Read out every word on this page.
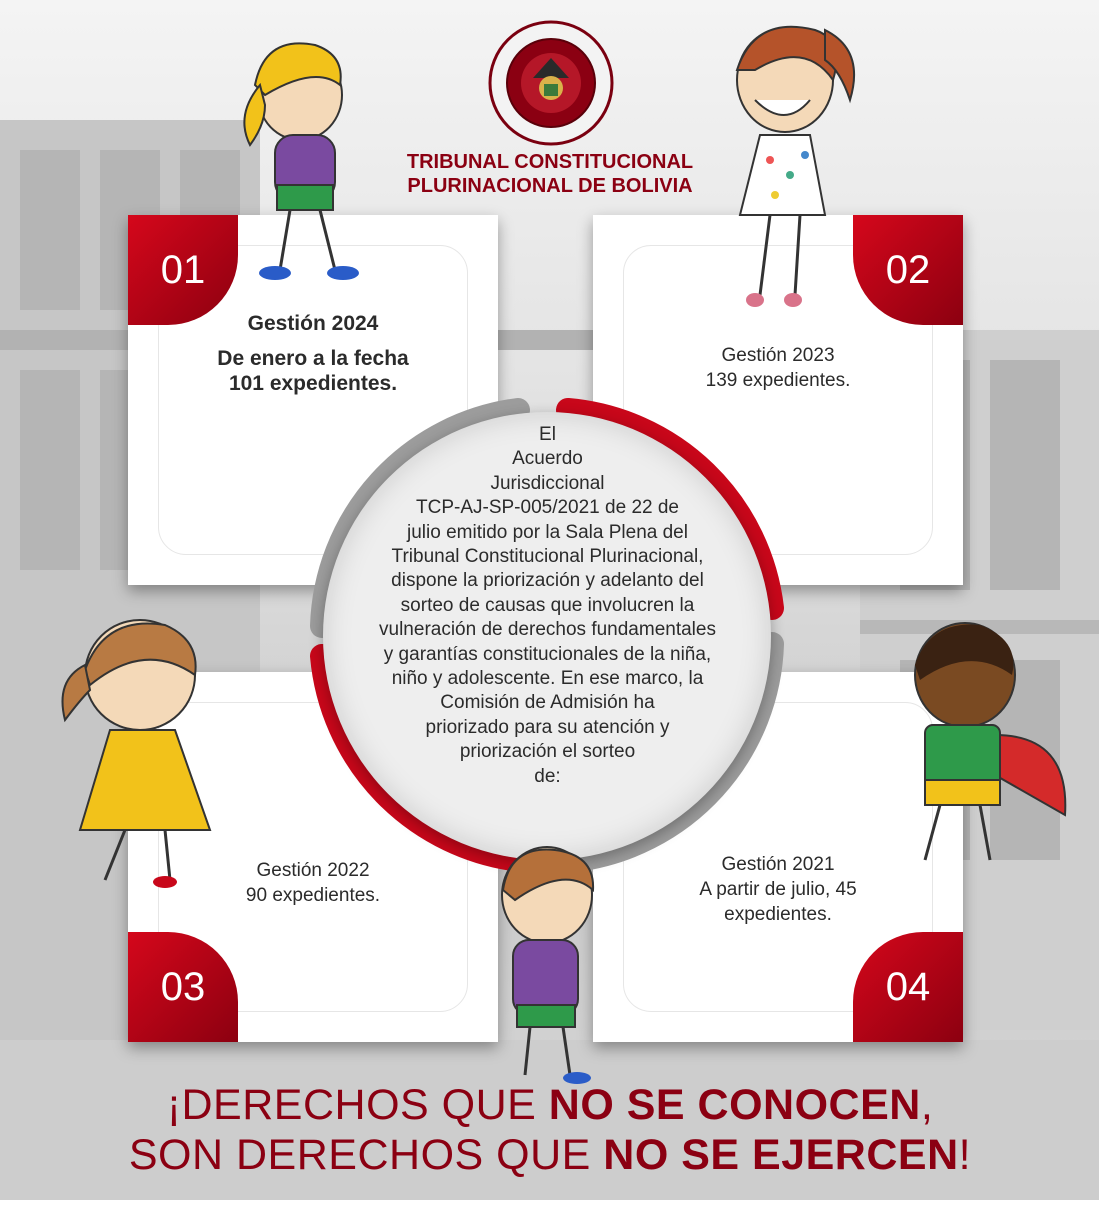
TRIBUNAL CONSTITUCIONAL
PLURINACIONAL DE BOLIVIA
01
Gestión 2024
De enero a la fecha
101 expedientes.
02
Gestión 2023
139 expedientes.
03
Gestión 2022
90 expedientes.
04
Gestión 2021
A partir de julio, 45
expedientes.
El
Acuerdo
Jurisdiccional
TCP-AJ-SP-005/2021 de 22 de
julio emitido por la Sala Plena del
Tribunal Constitucional Plurinacional,
dispone la priorización y adelanto del
sorteo de causas que involucren la
vulneración de derechos fundamentales
y garantías constitucionales de la niña,
niño y adolescente. En ese marco, la
Comisión de Admisión ha
priorizado para su atención y
priorización el sorteo
de:
¡DERECHOS QUE NO SE CONOCEN,
SON DERECHOS QUE NO SE EJERCEN!
